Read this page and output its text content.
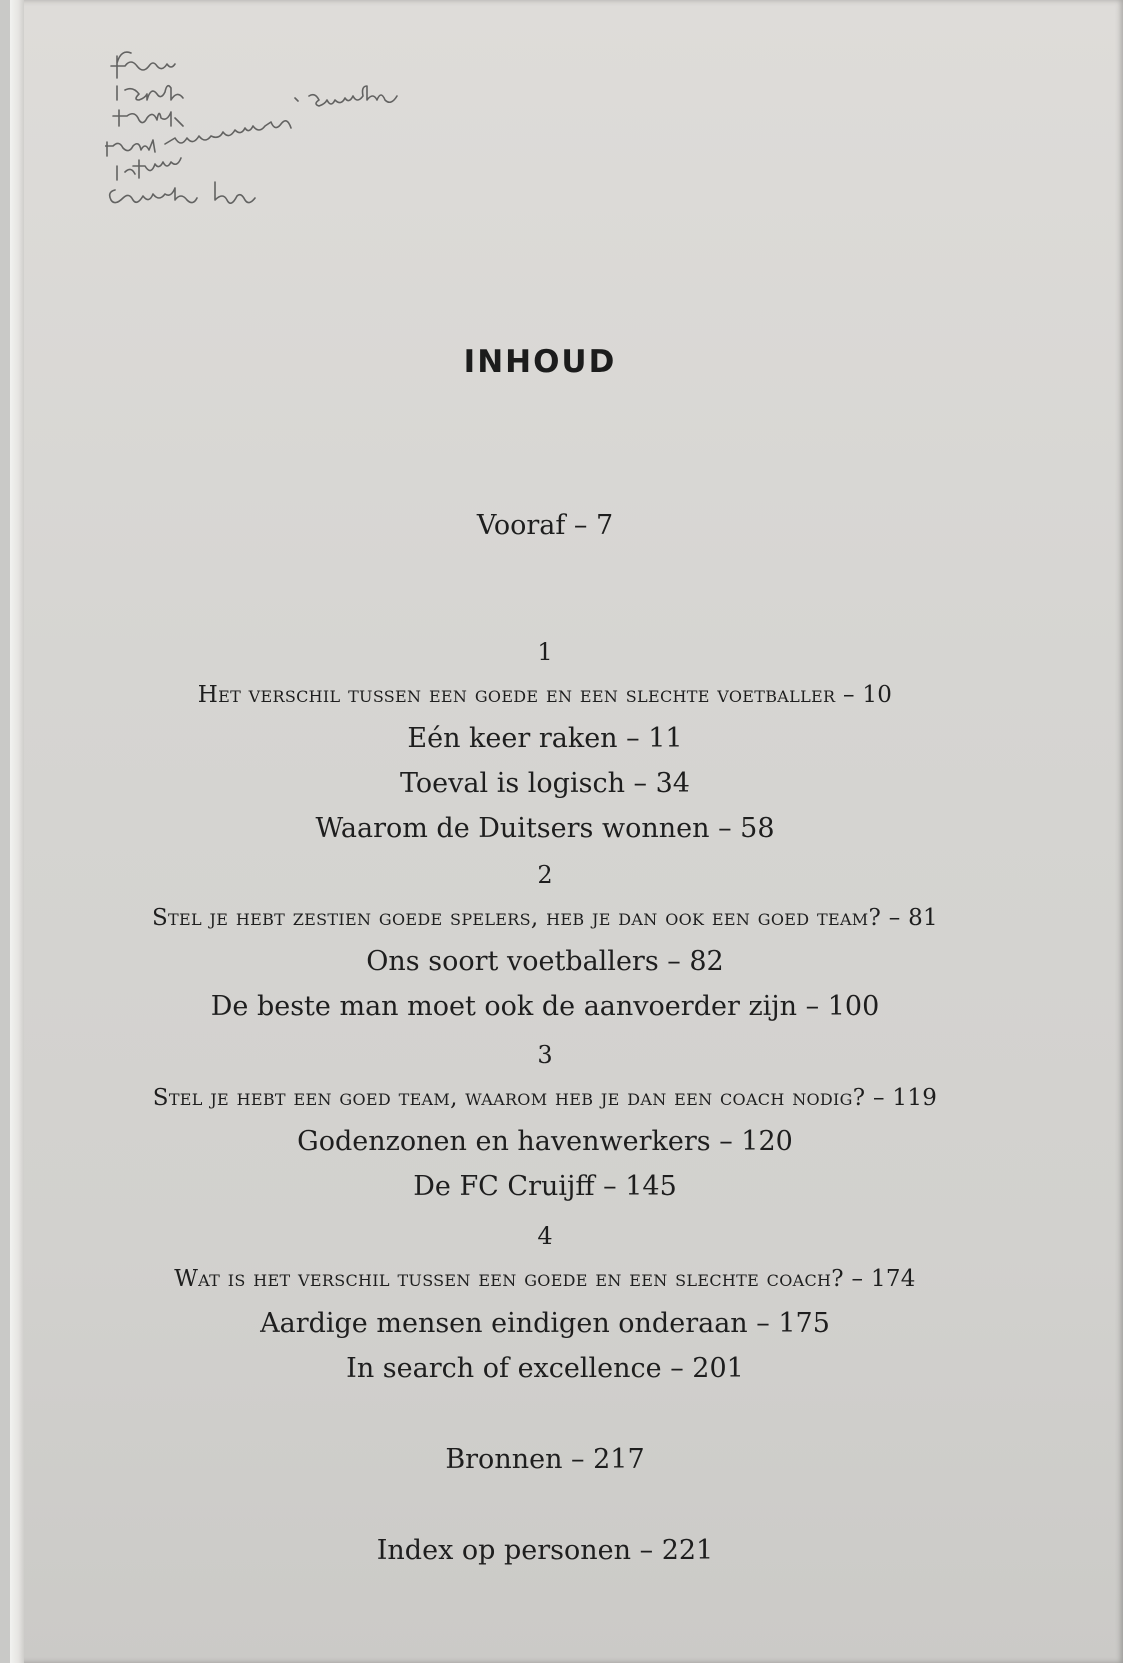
INHOUD
Vooraf – 7
1
Het verschil tussen een goede en een slechte voetballer – 10
Eén keer raken – 11
Toeval is logisch – 34
Waarom de Duitsers wonnen – 58
2
Stel je hebt zestien goede spelers, heb je dan ook een goed team? – 81
Ons soort voetballers – 82
De beste man moet ook de aanvoerder zijn – 100
3
Stel je hebt een goed team, waarom heb je dan een coach nodig? – 119
Godenzonen en havenwerkers – 120
De FC Cruijff – 145
4
Wat is het verschil tussen een goede en een slechte coach? – 174
Aardige mensen eindigen onderaan – 175
In search of excellence – 201
Bronnen – 217
Index op personen – 221
